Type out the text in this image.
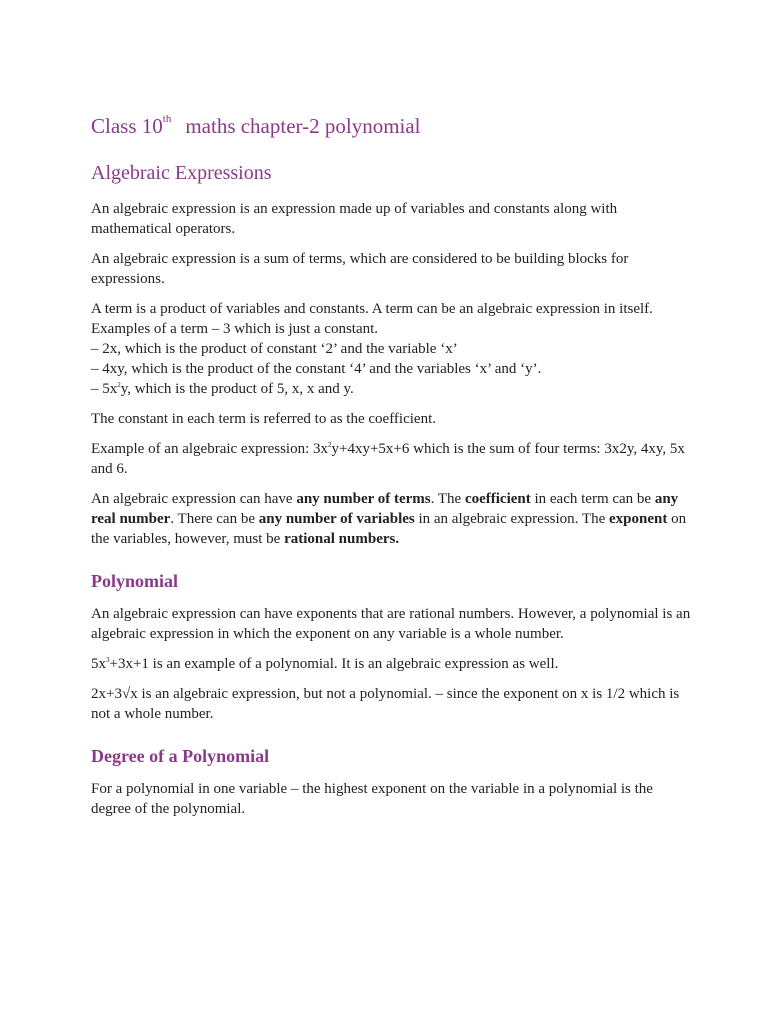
Class 10th maths chapter-2 polynomial
Algebraic Expressions

An algebraic expression is an expression made up of variables and constants along with mathematical operators.

An algebraic expression is a sum of terms, which are considered to be building blocks for expressions.

A term is a product of variables and constants. A term can be an algebraic expression in itself.
Examples of a term – 3 which is just a constant.
– 2x, which is the product of constant ‘2’ and the variable ‘x’
– 4xy, which is the product of the constant ‘4’ and the variables ‘x’ and ‘y’.
– $5x^2y$, which is the product of 5, x, x and y.

The constant in each term is referred to as the coefficient.

Example of an algebraic expression: $3x^2y+4xy+5x+6$ which is the sum of four terms: 3x2y, 4xy, 5x and 6.

An algebraic expression can have any number of terms. The coefficient in each term can be any real number. There can be any number of variables in an algebraic expression. The exponent on the variables, however, must be rational numbers.

Polynomial

An algebraic expression can have exponents that are rational numbers. However, a polynomial is an algebraic expression in which the exponent on any variable is a whole number.

$5x^3+3x+1$ is an example of a polynomial. It is an algebraic expression as well.

2x+3√x is an algebraic expression, but not a polynomial. – since the exponent on x is 1/2 which is not a whole number.

Degree of a Polynomial

For a polynomial in one variable – the highest exponent on the variable in a polynomial is the degree of the polynomial.
